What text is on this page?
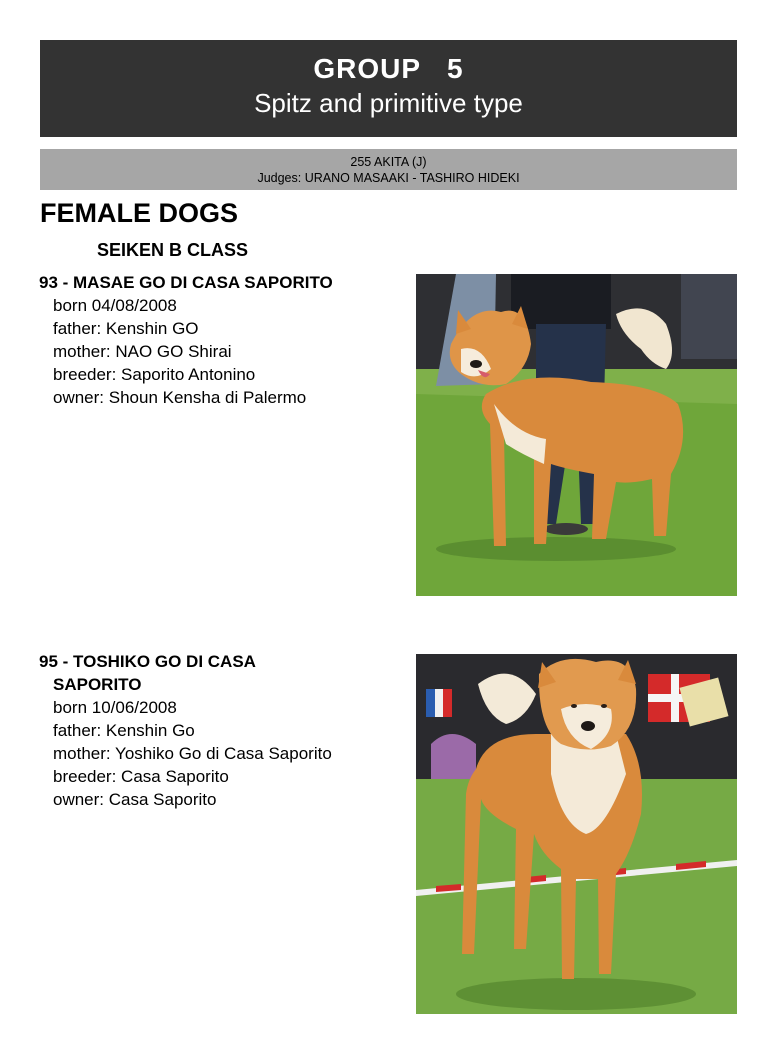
GROUP 5
Spitz and primitive type
255 AKITA (J)
Judges: URANO MASAAKI - TASHIRO HIDEKI
FEMALE DOGS
SEIKEN B CLASS
93 - MASAE GO DI CASA SAPORITO
born 04/08/2008
father: Kenshin GO
mother: NAO GO Shirai
breeder: Saporito Antonino
owner: Shoun Kensha di Palermo
95 - TOSHIKO GO DI CASA
SAPORITO
born 10/06/2008
father: Kenshin Go
mother: Yoshiko Go di Casa Saporito
breeder: Casa Saporito
owner: Casa Saporito
